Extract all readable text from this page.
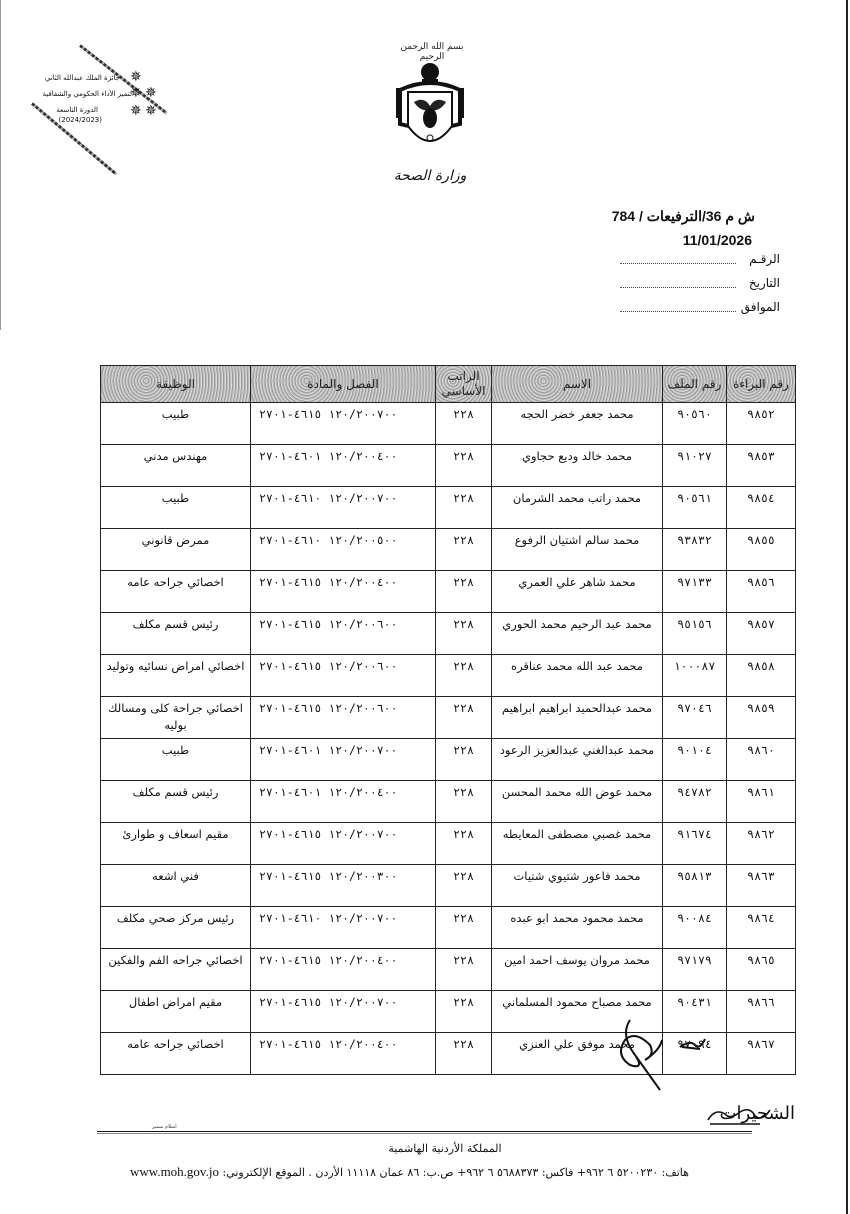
✵
✵ ✵
✵ ✵
جائزة الملك عبدالله الثاني
لتميز الأداء الحكومي والشفافية
الدورة التاسعة
(2024/2023)
بسم الله الرحمن الرحيم
وزارة الصحة
ش م 36/الترفيعات / 784
11/01/2026
الرقـم
التاريخ
الموافق
رقم البراءة	رقم الملف	الاسم	الراتب الأساسي	الفصل والمادة	الوظيفة
٩٨٥٢	٩٠٥٦٠	محمد جعفر خضر الحجه	٢٢٨	١٢٠/٢٠٠٧٠٠ ٤٦١٥-٢٧٠١	طبيب
٩٨٥٣	٩١٠٢٧	محمد خالد وديع حجاوي	٢٢٨	١٢٠/٢٠٠٤٠٠ ٤٦٠١-٢٧٠١	مهندس مدني
٩٨٥٤	٩٠٥٦١	محمد راتب محمد الشرمان	٢٢٨	١٢٠/٢٠٠٧٠٠ ٤٦١٠-٢٧٠١	طبيب
٩٨٥٥	٩٣٨٣٢	محمد سالم اشتيان الرفوع	٢٢٨	١٢٠/٢٠٠٥٠٠ ٤٦١٠-٢٧٠١	ممرض قانوني
٩٨٥٦	٩٧١٣٣	محمد شاهر علي العمري	٢٢٨	١٢٠/٢٠٠٤٠٠ ٤٦١٥-٢٧٠١	اخصائي جراحه عامه
٩٨٥٧	٩٥١٥٦	محمد عبد الرحيم محمد الحوري	٢٢٨	١٢٠/٢٠٠٦٠٠ ٤٦١٥-٢٧٠١	رئيس قسم مكلف
٩٨٥٨	١٠٠٠٨٧	محمد عبد الله محمد عناقره	٢٢٨	١٢٠/٢٠٠٦٠٠ ٤٦١٥-٢٧٠١	اخصائي امراض نسائيه وتوليد
٩٨٥٩	٩٧٠٤٦	محمد عبدالحميد ابراهيم ابراهيم	٢٢٨	١٢٠/٢٠٠٦٠٠ ٤٦١٥-٢٧٠١	اخصائي جراحة كلى ومسالك بوليه
٩٨٦٠	٩٠١٠٤	محمد عبدالغني عبدالعزيز الرعود	٢٢٨	١٢٠/٢٠٠٧٠٠ ٤٦٠١-٢٧٠١	طبيب
٩٨٦١	٩٤٧٨٢	محمد عوض الله محمد المحسن	٢٢٨	١٢٠/٢٠٠٤٠٠ ٤٦٠١-٢٧٠١	رئيس قسم مكلف
٩٨٦٢	٩١٦٧٤	محمد غصبي مصطفى المعايطه	٢٢٨	١٢٠/٢٠٠٧٠٠ ٤٦١٥-٢٧٠١	مقيم اسعاف و طوارئ
٩٨٦٣	٩٥٨١٣	محمد فاعور شتيوي شتيات	٢٢٨	١٢٠/٢٠٠٣٠٠ ٤٦١٥-٢٧٠١	فني اشعه
٩٨٦٤	٩٠٠٨٤	محمد محمود محمد ابو عبده	٢٢٨	١٢٠/٢٠٠٧٠٠ ٤٦١٠-٢٧٠١	رئيس مركز صحي مكلف
٩٨٦٥	٩٧١٧٩	محمد مروان يوسف احمد امين	٢٢٨	١٢٠/٢٠٠٤٠٠ ٤٦١٥-٢٧٠١	اخصائي جراحه الفم والفكين
٩٨٦٦	٩٠٤٣١	محمد مصباح محمود المسلماني	٢٢٨	١٢٠/٢٠٠٧٠٠ ٤٦١٥-٢٧٠١	مقيم امراض اطفال
٩٨٦٧	٩٧٠٩٤	محمد موفق علي العنزي	٢٢٨	١٢٠/٢٠٠٤٠٠ ٤٦١٥-٢٧٠١	اخصائي جراحه عامه
الشحيرات
اسلام سمير
المملكة الأردنية الهاشمية
هاتف: ٥٢٠٠٢٣٠ ٦ ٩٦٢+ فاكس: ٥٦٨٨٣٧٣ ٦ ٩٦٢+ ص.ب: ٨٦ عمان ١١١١٨ الأردن . الموقع الإلكتروني: www.moh.gov.jo
